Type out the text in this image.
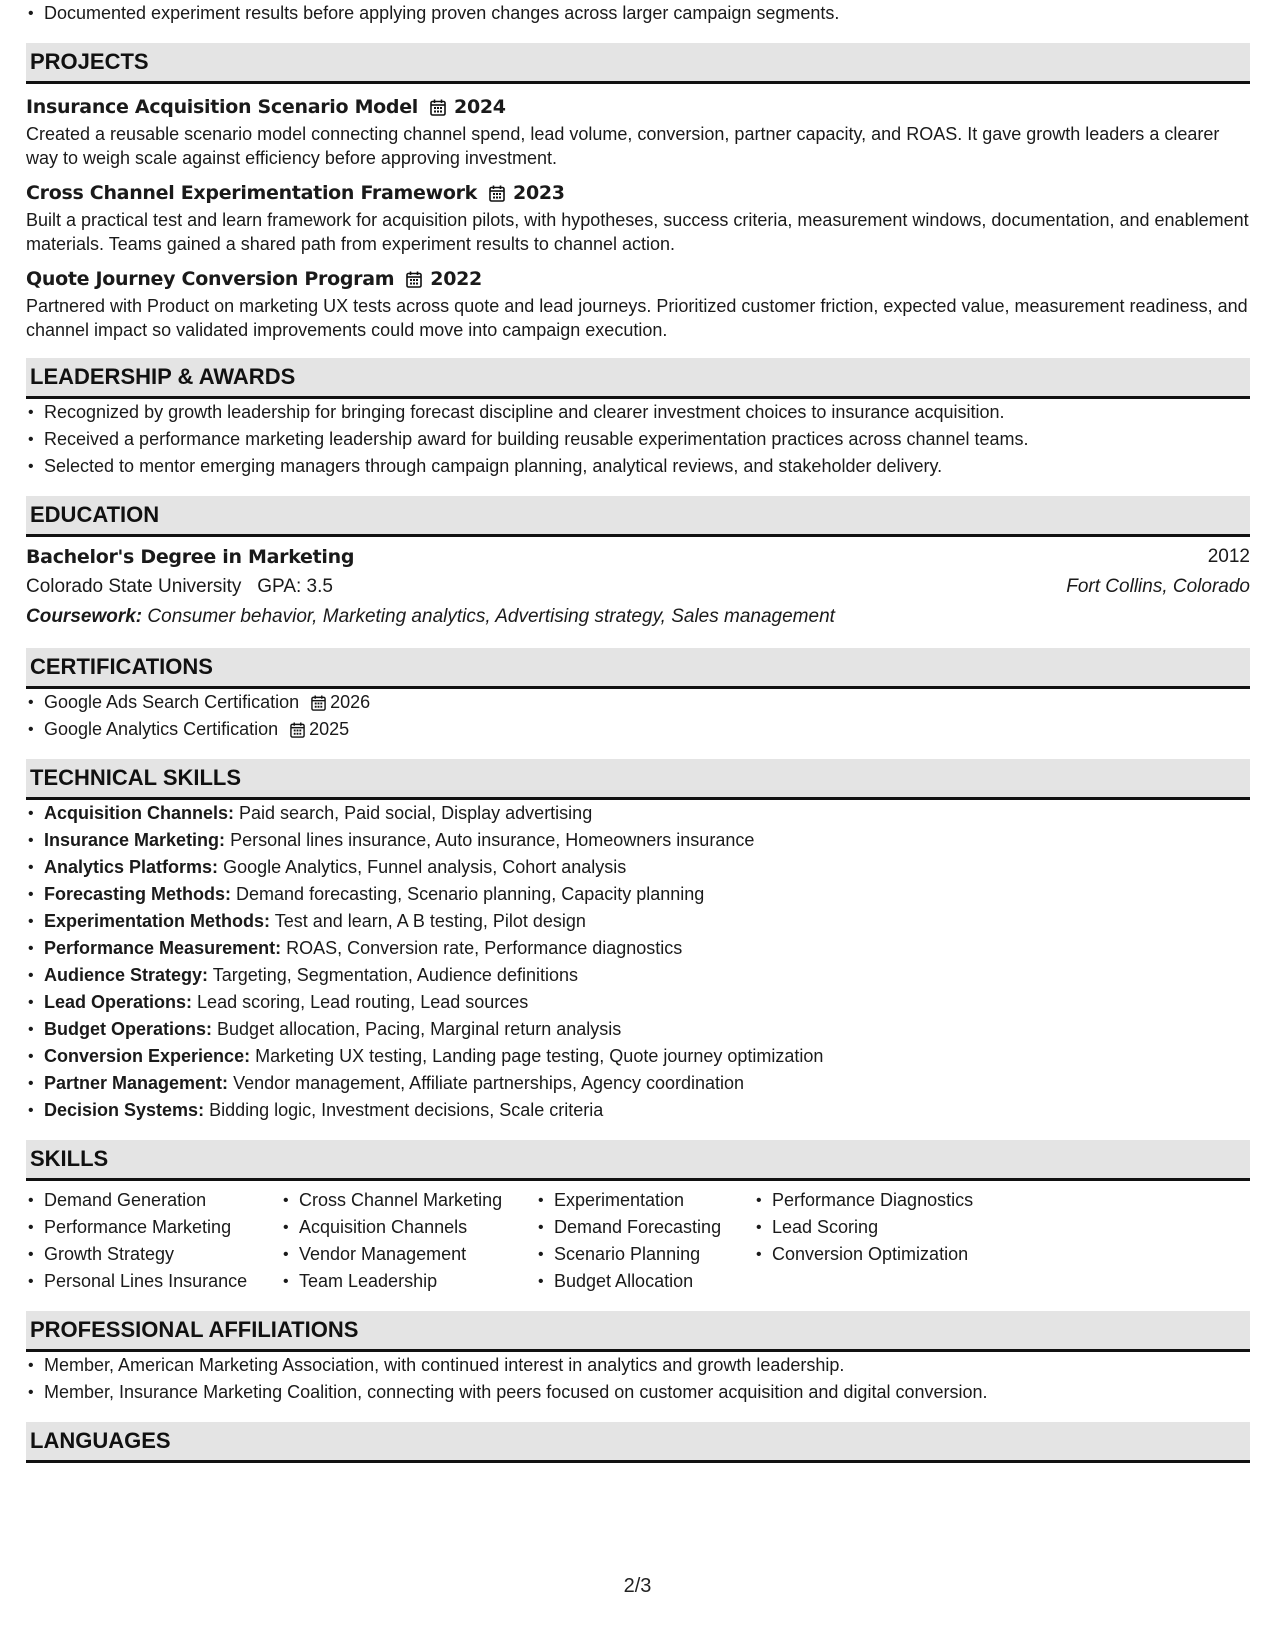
• Documented experiment results before applying proven changes across larger campaign segments.
PROJECTS
Insurance Acquisition Scenario Model 2024
Created a reusable scenario model connecting channel spend, lead volume, conversion, partner capacity, and ROAS. It gave growth leaders a clearer way to weigh scale against efficiency before approving investment.
Cross Channel Experimentation Framework 2023
Built a practical test and learn framework for acquisition pilots, with hypotheses, success criteria, measurement windows, documentation, and enablement materials. Teams gained a shared path from experiment results to channel action.
Quote Journey Conversion Program 2022
Partnered with Product on marketing UX tests across quote and lead journeys. Prioritized customer friction, expected value, measurement readiness, and channel impact so validated improvements could move into campaign execution.
LEADERSHIP & AWARDS
• Recognized by growth leadership for bringing forecast discipline and clearer investment choices to insurance acquisition.
• Received a performance marketing leadership award for building reusable experimentation practices across channel teams.
• Selected to mentor emerging managers through campaign planning, analytical reviews, and stakeholder delivery.
EDUCATION
Bachelor's Degree in Marketing	2012
Colorado State University GPA: 3.5	Fort Collins, Colorado
Coursework: Consumer behavior, Marketing analytics, Advertising strategy, Sales management
CERTIFICATIONS
• Google Ads Search Certification 2026
• Google Analytics Certification 2025
TECHNICAL SKILLS
• Acquisition Channels: Paid search, Paid social, Display advertising
• Insurance Marketing: Personal lines insurance, Auto insurance, Homeowners insurance
• Analytics Platforms: Google Analytics, Funnel analysis, Cohort analysis
• Forecasting Methods: Demand forecasting, Scenario planning, Capacity planning
• Experimentation Methods: Test and learn, A B testing, Pilot design
• Performance Measurement: ROAS, Conversion rate, Performance diagnostics
• Audience Strategy: Targeting, Segmentation, Audience definitions
• Lead Operations: Lead scoring, Lead routing, Lead sources
• Budget Operations: Budget allocation, Pacing, Marginal return analysis
• Conversion Experience: Marketing UX testing, Landing page testing, Quote journey optimization
• Partner Management: Vendor management, Affiliate partnerships, Agency coordination
• Decision Systems: Bidding logic, Investment decisions, Scale criteria
SKILLS
• Demand Generation
• Performance Marketing
• Growth Strategy
• Personal Lines Insurance
• Cross Channel Marketing
• Acquisition Channels
• Vendor Management
• Team Leadership
• Experimentation
• Demand Forecasting
• Scenario Planning
• Budget Allocation
• Performance Diagnostics
• Lead Scoring
• Conversion Optimization
PROFESSIONAL AFFILIATIONS
• Member, American Marketing Association, with continued interest in analytics and growth leadership.
• Member, Insurance Marketing Coalition, connecting with peers focused on customer acquisition and digital conversion.
LANGUAGES
2/3
